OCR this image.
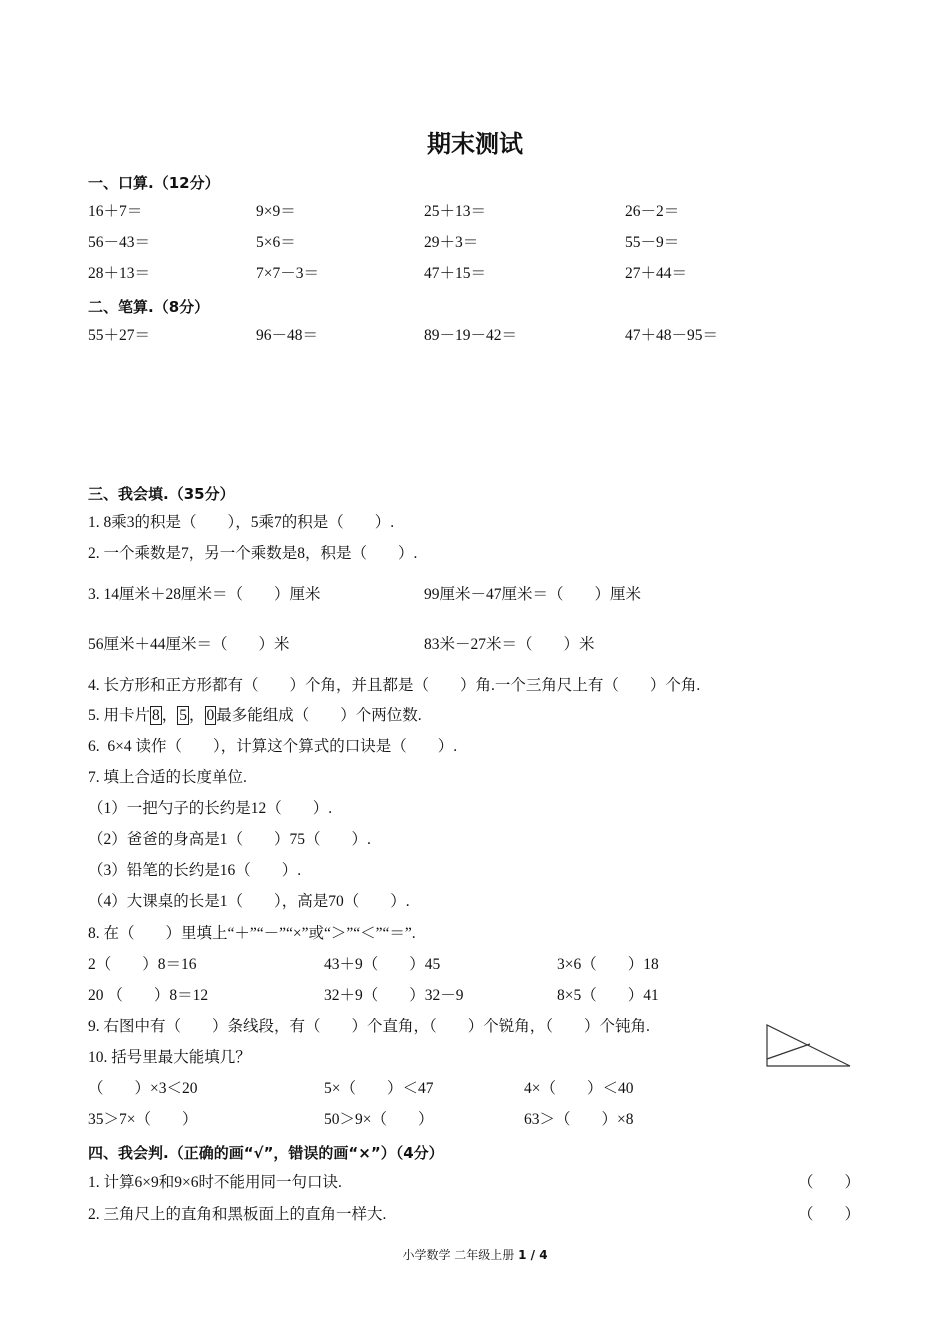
期末测试
一、口算.（12分）
16＋7＝	9×9＝	25＋13＝	26－2＝
56－43＝	5×6＝	29＋3＝	55－9＝
28＋13＝	7×7－3＝	47＋15＝	27＋44＝
二、笔算.（8分）
55＋27＝	96－48＝	89－19－42＝	47＋48－95＝
三、我会填.（35分）
1. 8乘3的积是（　　），5乘7的积是（　　）.
2. 一个乘数是7，另一个乘数是8，积是（　　）.
3. 14厘米＋28厘米＝（　　）厘米	99厘米－47厘米＝（　　）厘米
56厘米＋44厘米＝（　　）米	83米－27米＝（　　）米
4. 长方形和正方形都有（　　）个角，并且都是（　　）角.一个三角尺上有（　　）个角.
5. 用卡片 8 ， 5 ， 0 最多能组成（　　）个两位数.
6.  6×4 读作（　　），计算这个算式的口诀是（　　）.
7. 填上合适的长度单位.
（1）一把勺子的长约是12（　　）.
（2）爸爸的身高是1（　　）75（　　）.
（3）铅笔的长约是16（　　）.
（4）大课桌的长是1（　　），高是70（　　）.
8. 在（　　）里填上“＋”“－”“×”或“＞”“＜”“＝”.
2（　　）8＝16	43＋9（　　）45	3×6（　　）18
20 （　　）8＝12	32＋9（　　）32－9	8×5（　　）41
9. 右图中有（　　）条线段，有（　　）个直角，（　　）个锐角，（　　）个钝角.
10. 括号里最大能填几？
（　　）×3＜20	5×（　　）＜47	4×（　　）＜40
35＞7×（　　）	50＞9×（　　）	63＞（　　）×8
四、我会判.（正确的画“√”，错误的画“×”）（4分）
1. 计算6×9和9×6时不能用同一句口诀.	（　　）
2. 三角尺上的直角和黑板面上的直角一样大.	（　　）
小学数学 二年级上册 1 / 4
